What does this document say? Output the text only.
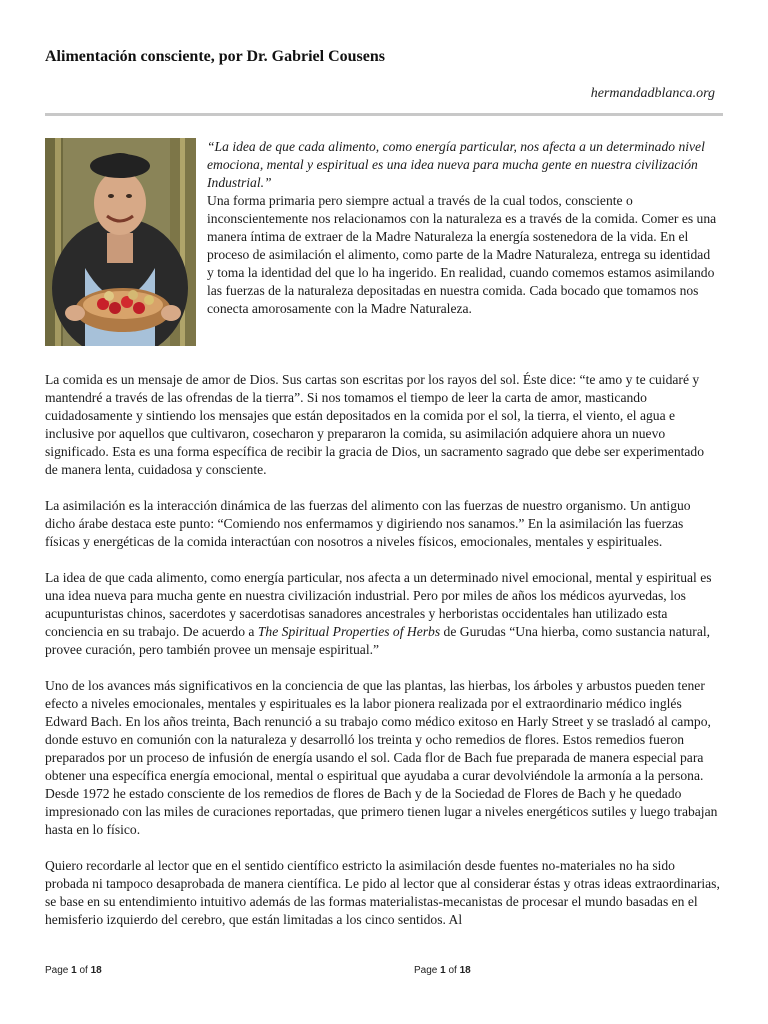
Alimentación consciente, por Dr. Gabriel Cousens
hermandadblanca.org

“La idea de que cada alimento, como energía particular, nos afecta a un determinado nivel emociona, mental y espiritual es una idea nueva para mucha gente en nuestra civilización Industrial.”

Una forma primaria pero siempre actual a través de la cual todos, consciente o inconscientemente nos relacionamos con la naturaleza es a través de la comida. Comer es una manera íntima de extraer de la Madre Naturaleza la energía sostenedora de la vida. En el proceso de asimilación el alimento, como parte de la Madre Naturaleza, entrega su identidad y toma la identidad del que lo ha ingerido. En realidad, cuando comemos estamos asimilando las fuerzas de la naturaleza depositadas en nuestra comida. Cada bocado que tomamos nos conecta amorosamente con la Madre Naturaleza.

La comida es un mensaje de amor de Dios. Sus cartas son escritas por los rayos del sol. Éste dice: “te amo y te cuidaré y mantendré a través de las ofrendas de la tierra”. Si nos tomamos el tiempo de leer la carta de amor, masticando cuidadosamente y sintiendo los mensajes que están depositados en la comida por el sol, la tierra, el viento, el agua e inclusive por aquellos que cultivaron, cosecharon y prepararon la comida, su asimilación adquiere ahora un nuevo significado. Esta es una forma específica de recibir la gracia de Dios, un sacramento sagrado que debe ser experimentado de manera lenta, cuidadosa y consciente.

La asimilación es la interacción dinámica de las fuerzas del alimento con las fuerzas de nuestro organismo. Un antiguo dicho árabe destaca este punto: “Comiendo nos enfermamos y digiriendo nos sanamos.” En la asimilación las fuerzas físicas y energéticas de la comida interactúan con nosotros a niveles físicos, emocionales, mentales y espirituales.

La idea de que cada alimento, como energía particular, nos afecta a un determinado nivel emocional, mental y espiritual es una idea nueva para mucha gente en nuestra civilización industrial. Pero por miles de años los médicos ayurvedas, los acupunturistas chinos, sacerdotes y sacerdotisas sanadores ancestrales y herboristas occidentales han utilizado esta conciencia en su trabajo. De acuerdo a The Spiritual Properties of Herbs de Gurudas “Una hierba, como sustancia natural, provee curación, pero también provee un mensaje espiritual.”

Uno de los avances más significativos en la conciencia de que las plantas, las hierbas, los árboles y arbustos pueden tener efecto a niveles emocionales, mentales y espirituales es la labor pionera realizada por el extraordinario médico inglés Edward Bach. En los años treinta, Bach renunció a su trabajo como médico exitoso en Harly Street y se trasladó al campo, donde estuvo en comunión con la naturaleza y desarrolló los treinta y ocho remedios de flores. Estos remedios fueron preparados por un proceso de infusión de energía usando el sol. Cada flor de Bach fue preparada de manera especial para obtener una específica energía emocional, mental o espiritual que ayudaba a curar devolviéndole la armonía a la persona. Desde 1972 he estado consciente de los remedios de flores de Bach y de la Sociedad de Flores de Bach y he quedado impresionado con las miles de curaciones reportadas, que primero tienen lugar a niveles energéticos sutiles y luego trabajan hasta en lo físico.

Quiero recordarle al lector que en el sentido científico estricto la asimilación desde fuentes no-materiales no ha sido probada ni tampoco desaprobada de manera científica. Le pido al lector que al considerar éstas y otras ideas extraordinarias, se base en su entendimiento intuitivo además de las formas materialistas-mecanistas de procesar el mundo basadas en el hemisferio izquierdo del cerebro, que están limitadas a los cinco sentidos. Al

Page 1 of 18	Page 1 of 18
